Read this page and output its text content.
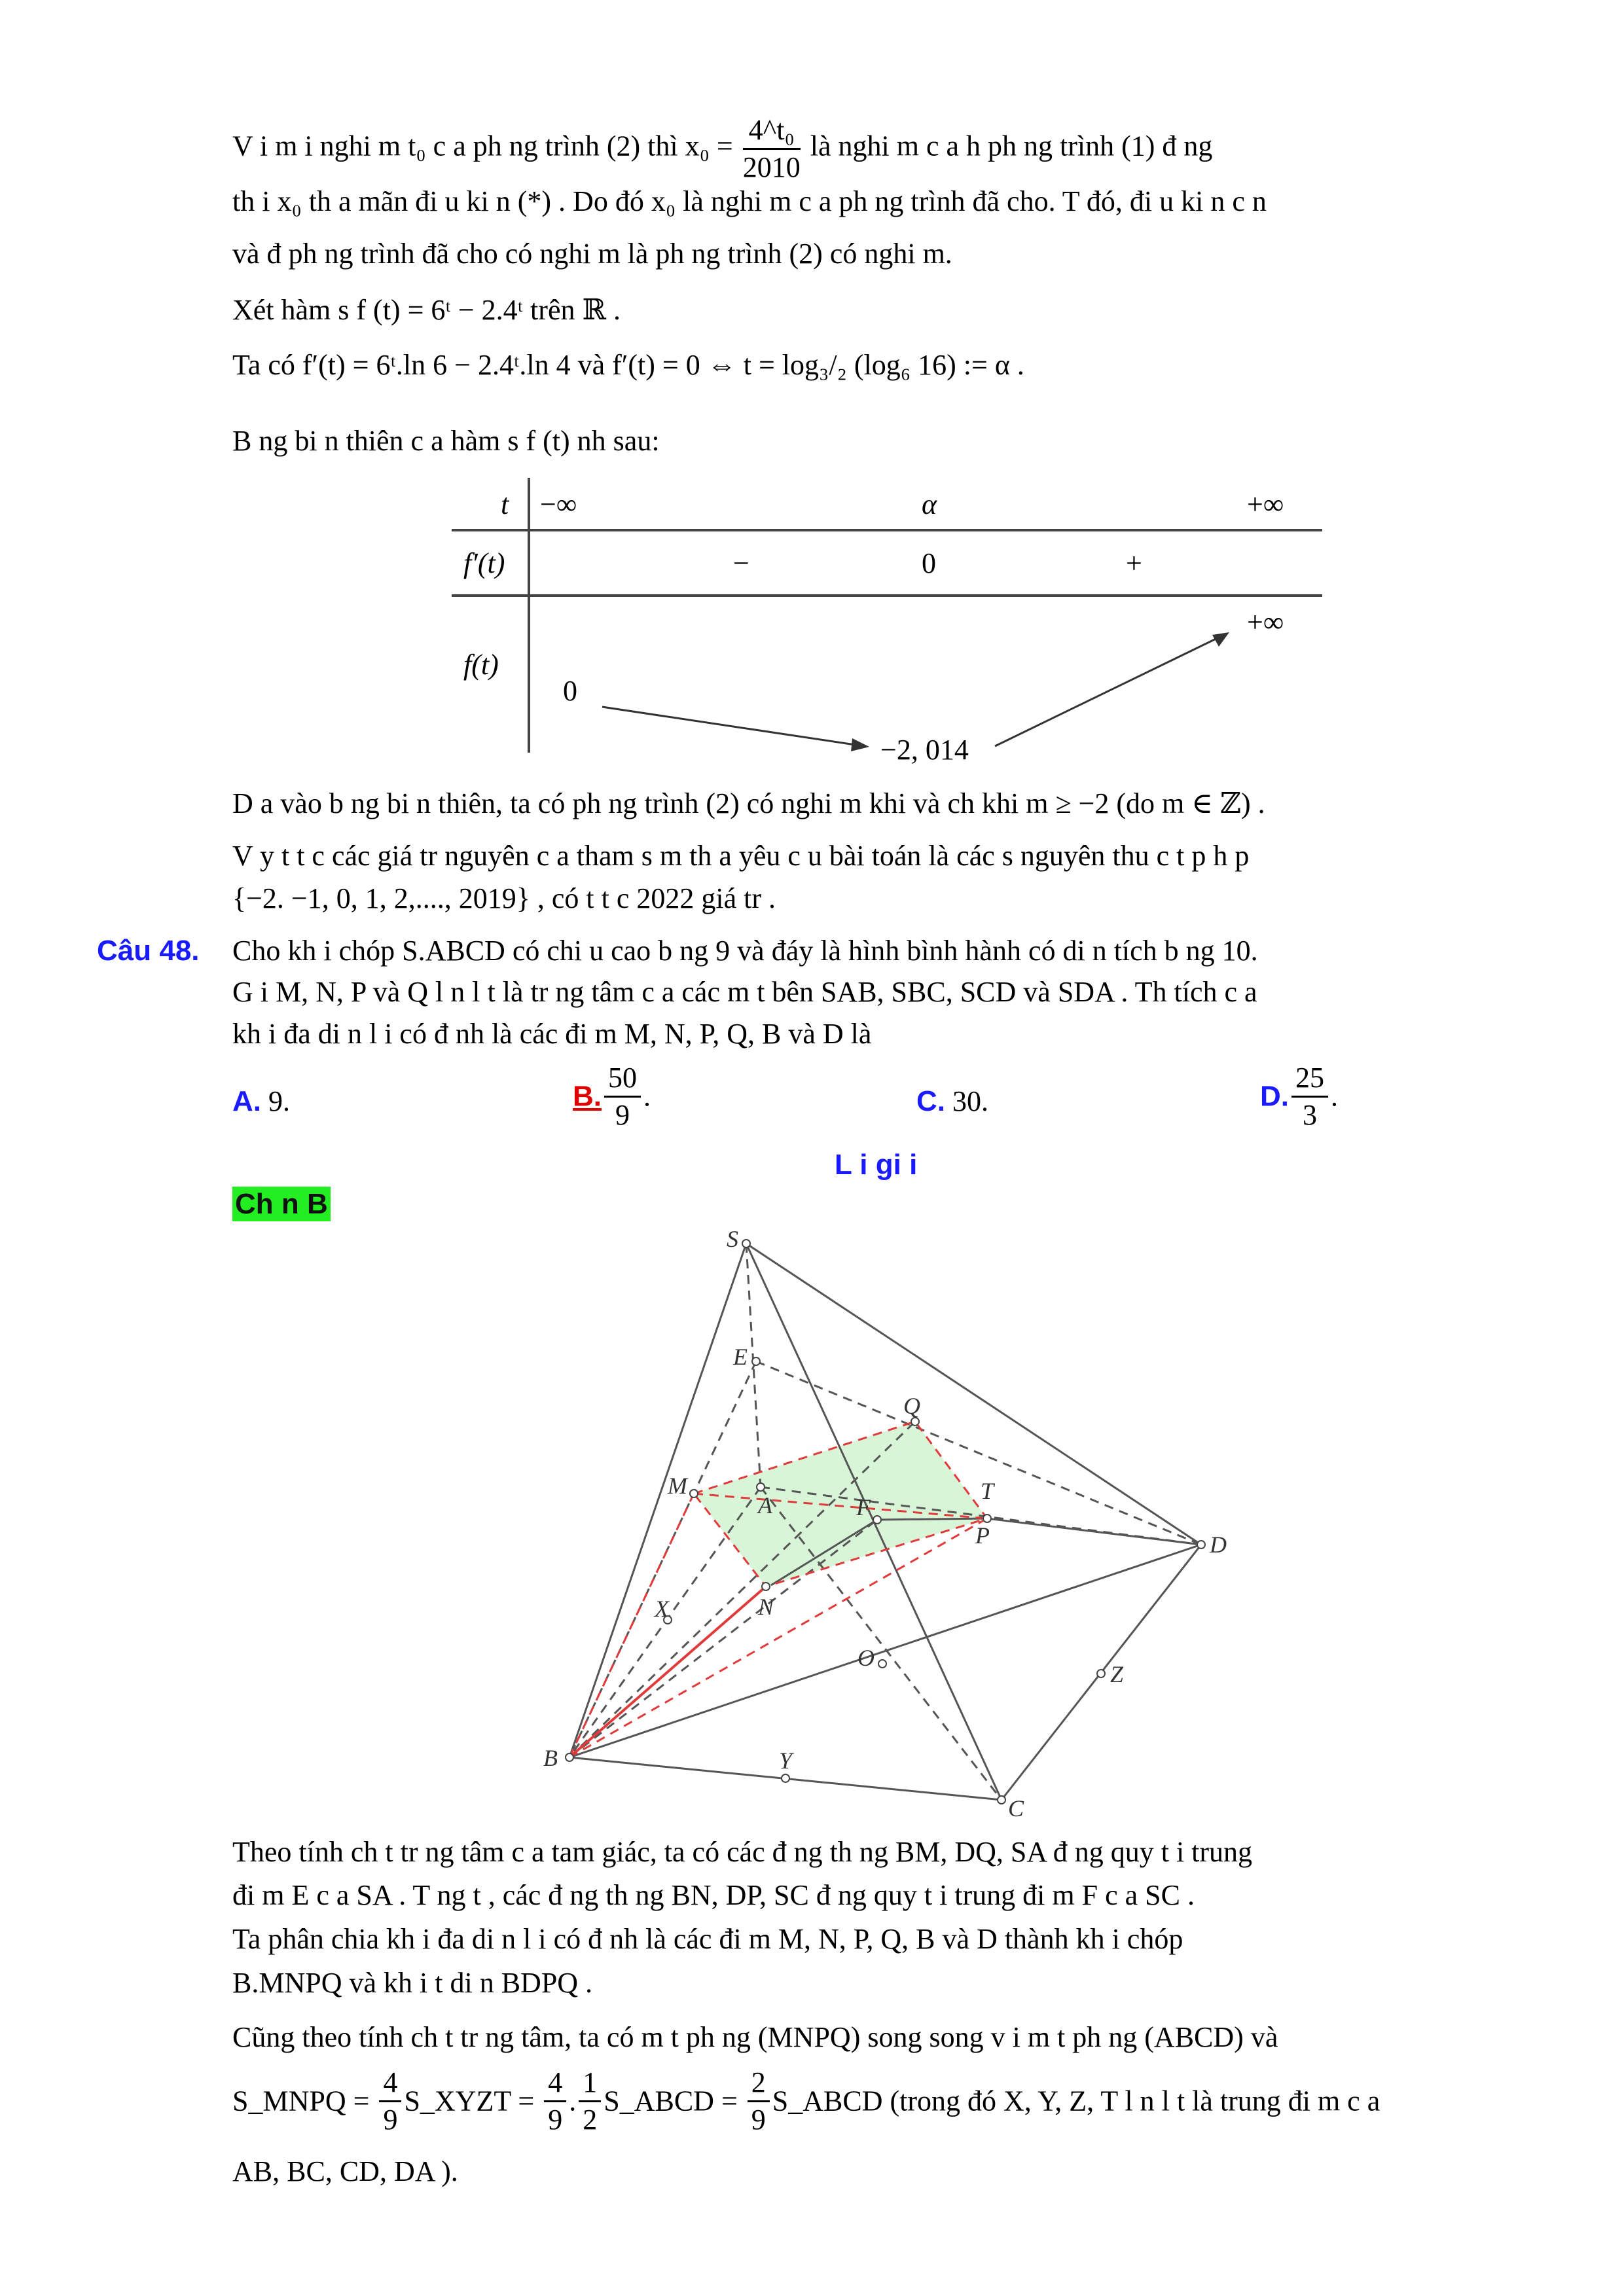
V i m i nghi m t₀ c a ph ng trình (2) thì $x_0 = \frac{\text{4\textasciicircum{}t₀}}{2010}$ là nghi m c a h ph ng trình (1) đ ng
th i x₀ th a mãn đi u ki n (*) . Do đó x₀ là nghi m c a ph ng trình đã cho. T đó, đi u ki n c n
và đ ph ng trình đã cho có nghi m là ph ng trình (2) có nghi m.
Xét hàm s f (t) = 6ᵗ − 2.4ᵗ trên ℝ .
Ta có f′(t) = 6ᵗ.ln 6 − 2.4ᵗ.ln 4 và f′(t) = 0 ⇔ t = log₃/₂ (log₆ 16) := α .
B ng bi n thiên c a hàm s f (t) nh sau:
t −∞	α	+∞
f′(t)	−	0	+
f(t)
0
−2, 014
+∞
D a vào b ng bi n thiên, ta có ph ng trình (2) có nghi m khi và ch khi m ≥ −2 (do m ∈ ℤ) .
V y t t c các giá tr nguyên c a tham s m th a yêu c u bài toán là các s nguyên thu c t p h p
{−2. −1, 0, 1, 2,...., 2019} , có t t c 2022 giá tr .
Câu 48. Cho kh i chóp S.ABCD có chi u cao b ng 9 và đáy là hình bình hành có di n tích b ng 10.
G i M, N, P và Q l n l t là tr ng tâm c a các m t bên SAB, SBC, SCD và SDA . Th tích c a
kh i đa di n l i có đ nh là các đi m M, N, P, Q, B và D là
A. 9.	B. $\frac{50}{9}$ .	C. 30.	D. $\frac{25}{3}$ .
L i gi i
Ch n B
S
E
Q
M
A	F
T
P	D
X	N
O
Z
B	Y
C
Theo tính ch t tr ng tâm c a tam giác, ta có các đ ng th ng BM, DQ, SA đ ng quy t i trung
đi m E c a SA . T ng t , các đ ng th ng BN, DP, SC đ ng quy t i trung đi m F c a SC .
Ta phân chia kh i đa di n l i có đ nh là các đi m M, N, P, Q, B và D thành kh i chóp
B.MNPQ và kh i t di n BDPQ .
Cũng theo tính ch t tr ng tâm, ta có m t ph ng (MNPQ) song song v i m t ph ng (ABCD) và
S_MNPQ = $\frac{4}{9}$ S_XYZT = $\frac{4}{9}$ . $\frac{1}{2}$ S_ABCD = $\frac{2}{9}$ S_ABCD (trong đó X, Y, Z, T l n l t là trung đi m c a
AB, BC, CD, DA ).
